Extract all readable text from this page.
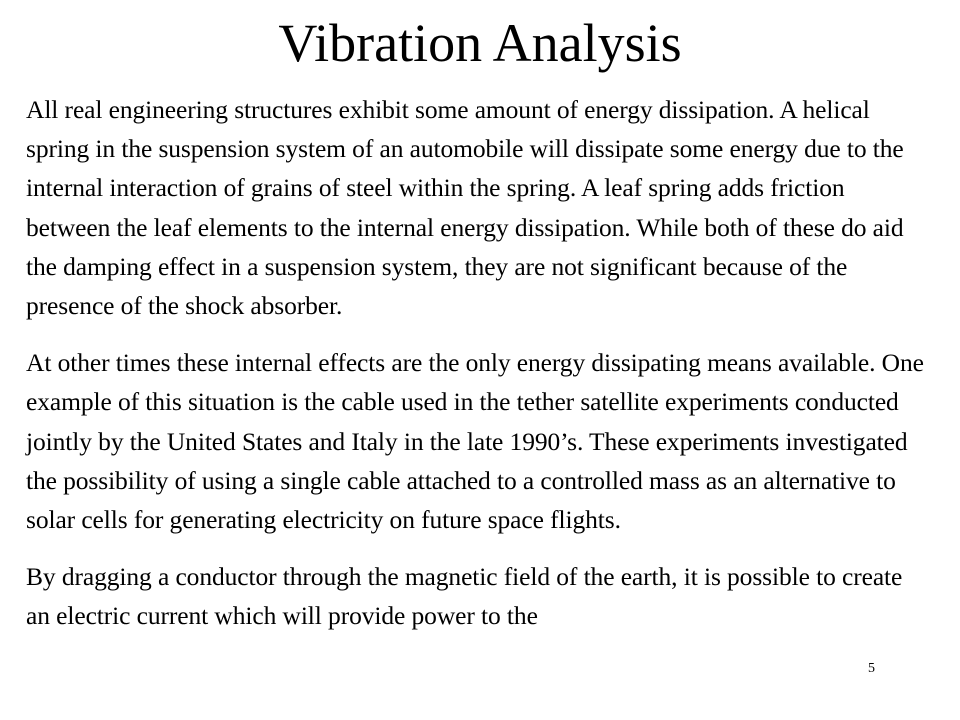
Vibration Analysis

All real engineering structures exhibit some amount of energy dissipation. A helical spring in the suspension system of an automobile will dissipate some energy due to the internal interaction of grains of steel within the spring. A leaf spring adds friction between the leaf elements to the internal energy dissipation. While both of these do aid the damping effect in a suspension system, they are not significant because of the presence of the shock absorber.

At other times these internal effects are the only energy dissipating means available. One example of this situation is the cable used in the tether satellite experiments conducted jointly by the United States and Italy in the late 1990’s. These experiments investigated the possibility of using a single cable attached to a controlled mass as an alternative to solar cells for generating electricity on future space flights.

By dragging a conductor through the magnetic field of the earth, it is possible to create an electric current which will provide power to the

5
